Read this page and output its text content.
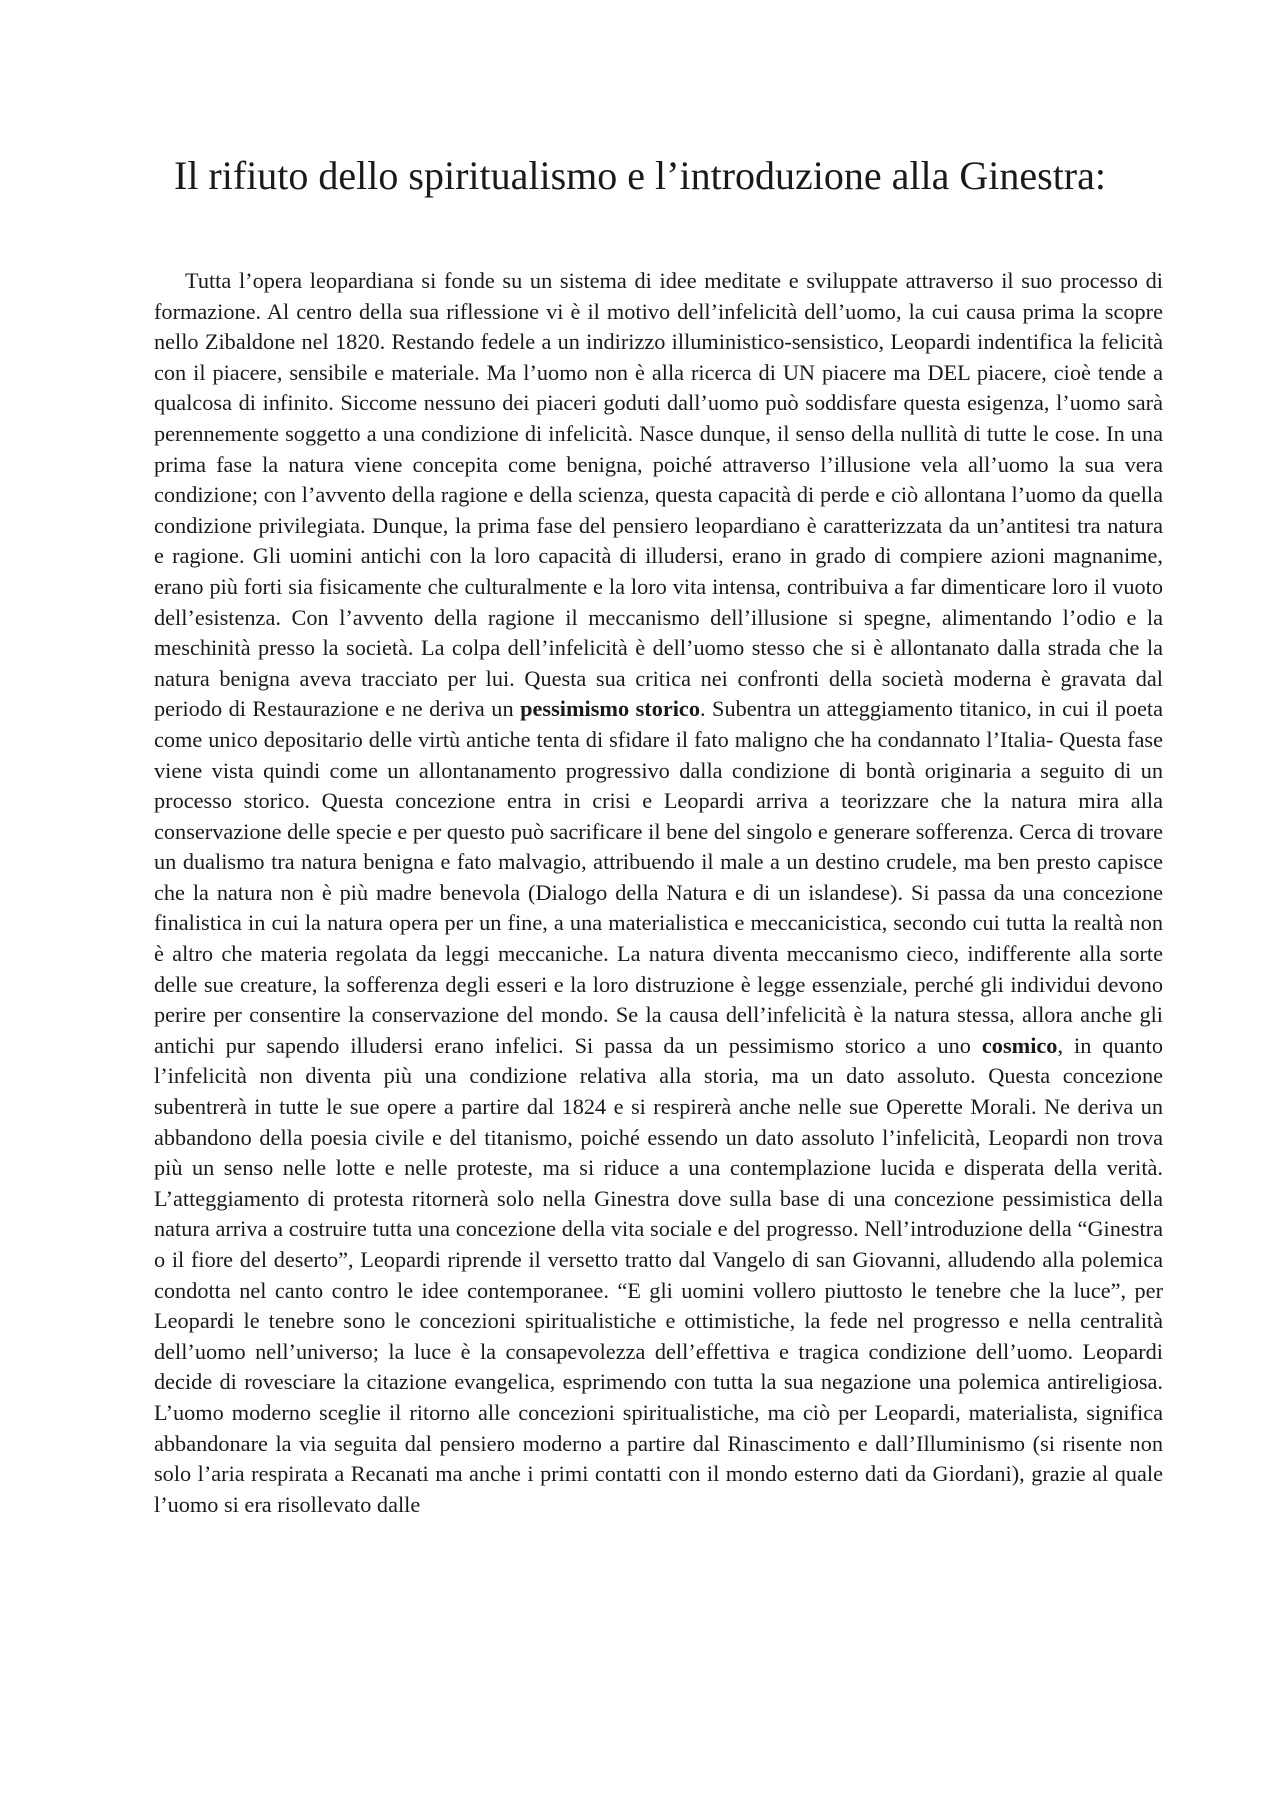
Il rifiuto dello spiritualismo e l’introduzione alla Ginestra:

Tutta l’opera leopardiana si fonde su un sistema di idee meditate e sviluppate attraverso il suo processo di formazione. Al centro della sua riflessione vi è il motivo dell’infelicità dell’uomo, la cui causa prima la scopre nello Zibaldone nel 1820. Restando fedele a un indirizzo illuministico-sensistico, Leopardi indentifica la felicità con il piacere, sensibile e materiale. Ma l’uomo non è alla ricerca di UN piacere ma DEL piacere, cioè tende a qualcosa di infinito. Siccome nessuno dei piaceri goduti dall’uomo può soddisfare questa esigenza, l’uomo sarà perennemente soggetto a una condizione di infelicità. Nasce dunque, il senso della nullità di tutte le cose. In una prima fase la natura viene concepita come benigna, poiché attraverso l’illusione vela all’uomo la sua vera condizione; con l’avvento della ragione e della scienza, questa capacità di perde e ciò allontana l’uomo da quella condizione privilegiata. Dunque, la prima fase del pensiero leopardiano è caratterizzata da un’antitesi tra natura e ragione. Gli uomini antichi con la loro capacità di illudersi, erano in grado di compiere azioni magnanime, erano più forti sia fisicamente che culturalmente e la loro vita intensa, contribuiva a far dimenticare loro il vuoto dell’esistenza. Con l’avvento della ragione il meccanismo dell’illusione si spegne, alimentando l’odio e la meschinità presso la società. La colpa dell’infelicità è dell’uomo stesso che si è allontanato dalla strada che la natura benigna aveva tracciato per lui. Questa sua critica nei confronti della società moderna è gravata dal periodo di Restaurazione e ne deriva un pessimismo storico. Subentra un atteggiamento titanico, in cui il poeta come unico depositario delle virtù antiche tenta di sfidare il fato maligno che ha condannato l’Italia- Questa fase viene vista quindi come un allontanamento progressivo dalla condizione di bontà originaria a seguito di un processo storico. Questa concezione entra in crisi e Leopardi arriva a teorizzare che la natura mira alla conservazione delle specie e per questo può sacrificare il bene del singolo e generare sofferenza. Cerca di trovare un dualismo tra natura benigna e fato malvagio, attribuendo il male a un destino crudele, ma ben presto capisce che la natura non è più madre benevola (Dialogo della Natura e di un islandese). Si passa da una concezione finalistica in cui la natura opera per un fine, a una materialistica e meccanicistica, secondo cui tutta la realtà non è altro che materia regolata da leggi meccaniche. La natura diventa meccanismo cieco, indifferente alla sorte delle sue creature, la sofferenza degli esseri e la loro distruzione è legge essenziale, perché gli individui devono perire per consentire la conservazione del mondo. Se la causa dell’infelicità è la natura stessa, allora anche gli antichi pur sapendo illudersi erano infelici. Si passa da un pessimismo storico a uno cosmico, in quanto l’infelicità non diventa più una condizione relativa alla storia, ma un dato assoluto. Questa concezione subentrerà in tutte le sue opere a partire dal 1824 e si respirerà anche nelle sue Operette Morali. Ne deriva un abbandono della poesia civile e del titanismo, poiché essendo un dato assoluto l’infelicità, Leopardi non trova più un senso nelle lotte e nelle proteste, ma si riduce a una contemplazione lucida e disperata della verità. L’atteggiamento di protesta ritornerà solo nella Ginestra dove sulla base di una concezione pessimistica della natura arriva a costruire tutta una concezione della vita sociale e del progresso. Nell’introduzione della “Ginestra o il fiore del deserto”, Leopardi riprende il versetto tratto dal Vangelo di san Giovanni, alludendo alla polemica condotta nel canto contro le idee contemporanee. “E gli uomini vollero piuttosto le tenebre che la luce”, per Leopardi le tenebre sono le concezioni spiritualistiche e ottimistiche, la fede nel progresso e nella centralità dell’uomo nell’universo; la luce è la consapevolezza dell’effettiva e tragica condizione dell’uomo. Leopardi decide di rovesciare la citazione evangelica, esprimendo con tutta la sua negazione una polemica antireligiosa. L’uomo moderno sceglie il ritorno alle concezioni spiritualistiche, ma ciò per Leopardi, materialista, significa abbandonare la via seguita dal pensiero moderno a partire dal Rinascimento e dall’Illuminismo (si risente non solo l’aria respirata a Recanati ma anche i primi contatti con il mondo esterno dati da Giordani), grazie al quale l’uomo si era risollevato dalle
